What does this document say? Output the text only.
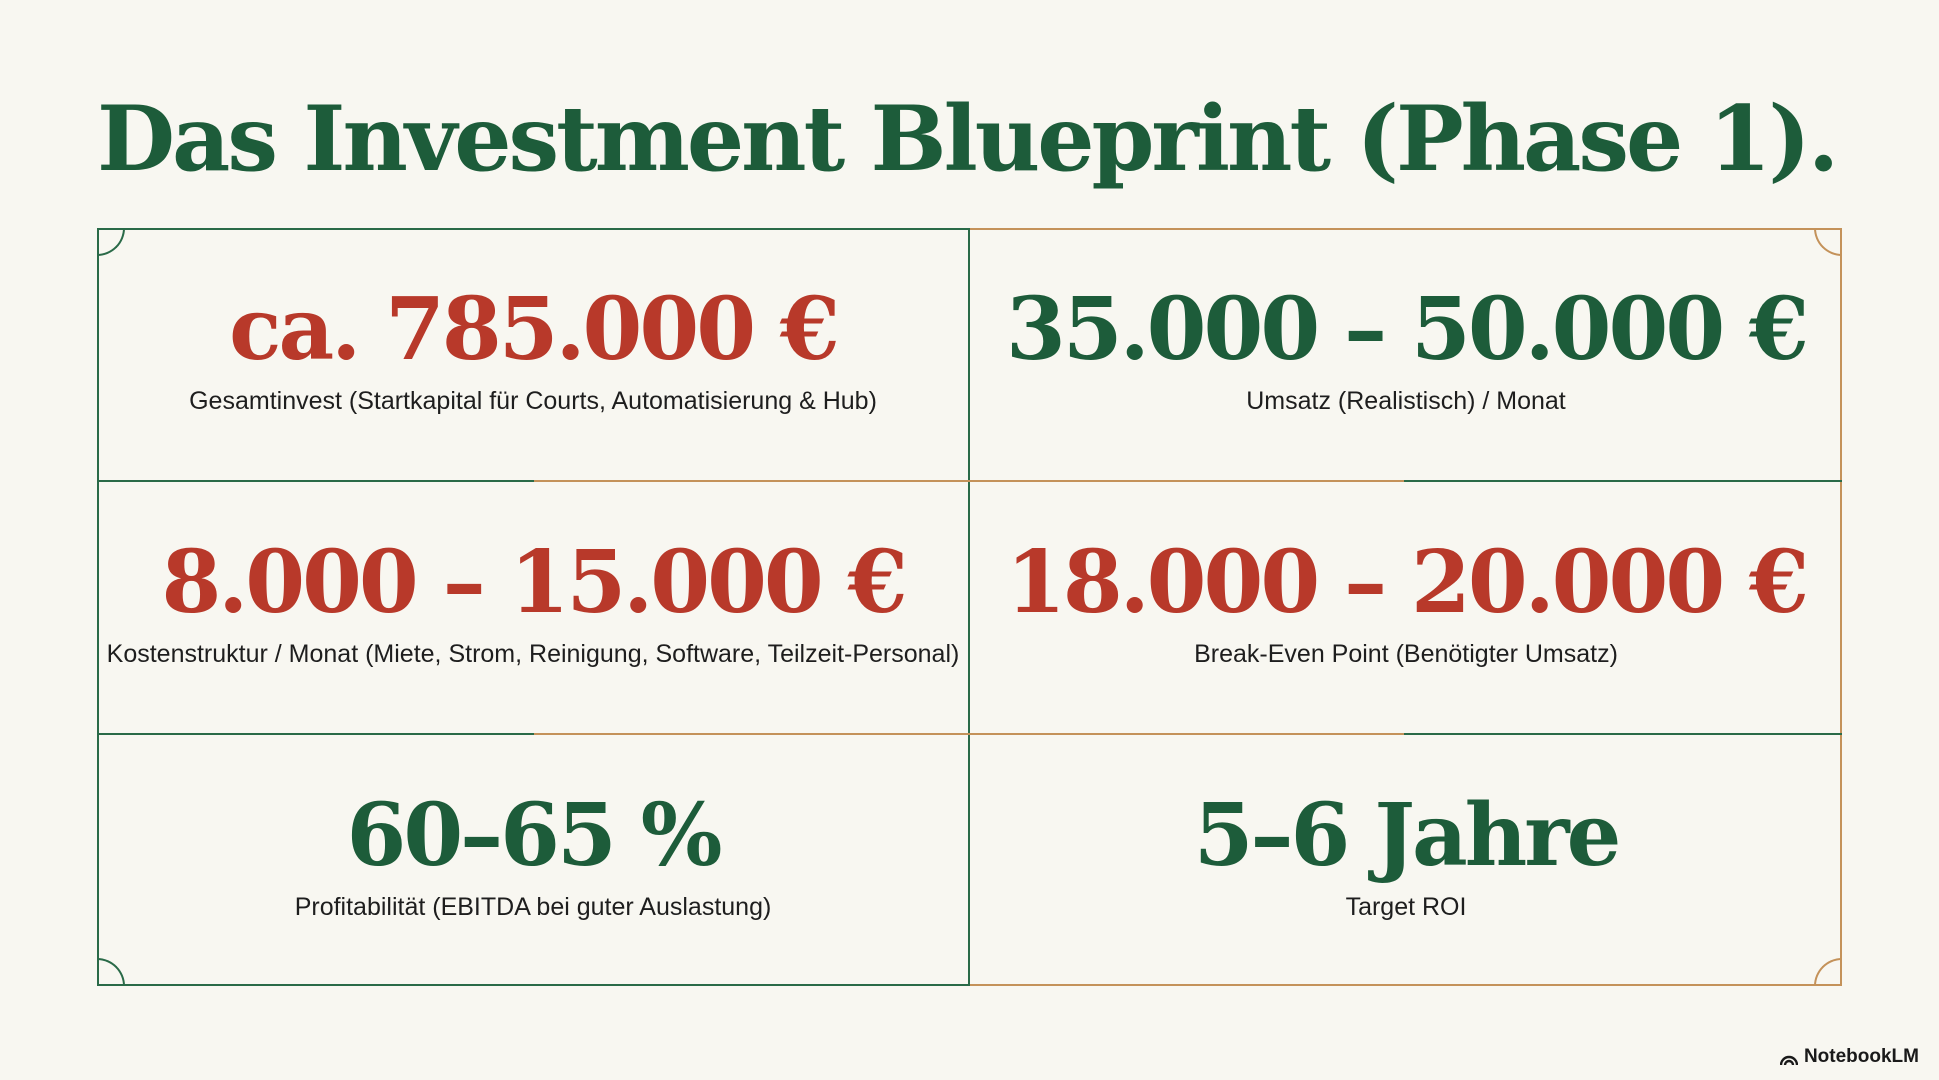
Das Investment Blueprint (Phase 1).
ca. 785.000 €
Gesamtinvest (Startkapital für Courts, Automatisierung & Hub)
35.000 – 50.000 €
Umsatz (Realistisch) / Monat
8.000 – 15.000 €
Kostenstruktur / Monat (Miete, Strom, Reinigung, Software, Teilzeit-Personal)
18.000 – 20.000 €
Break-Even Point (Benötigter Umsatz)
60–65 %
Profitabilität (EBITDA bei guter Auslastung)
5–6 Jahre
Target ROI
NotebookLM
